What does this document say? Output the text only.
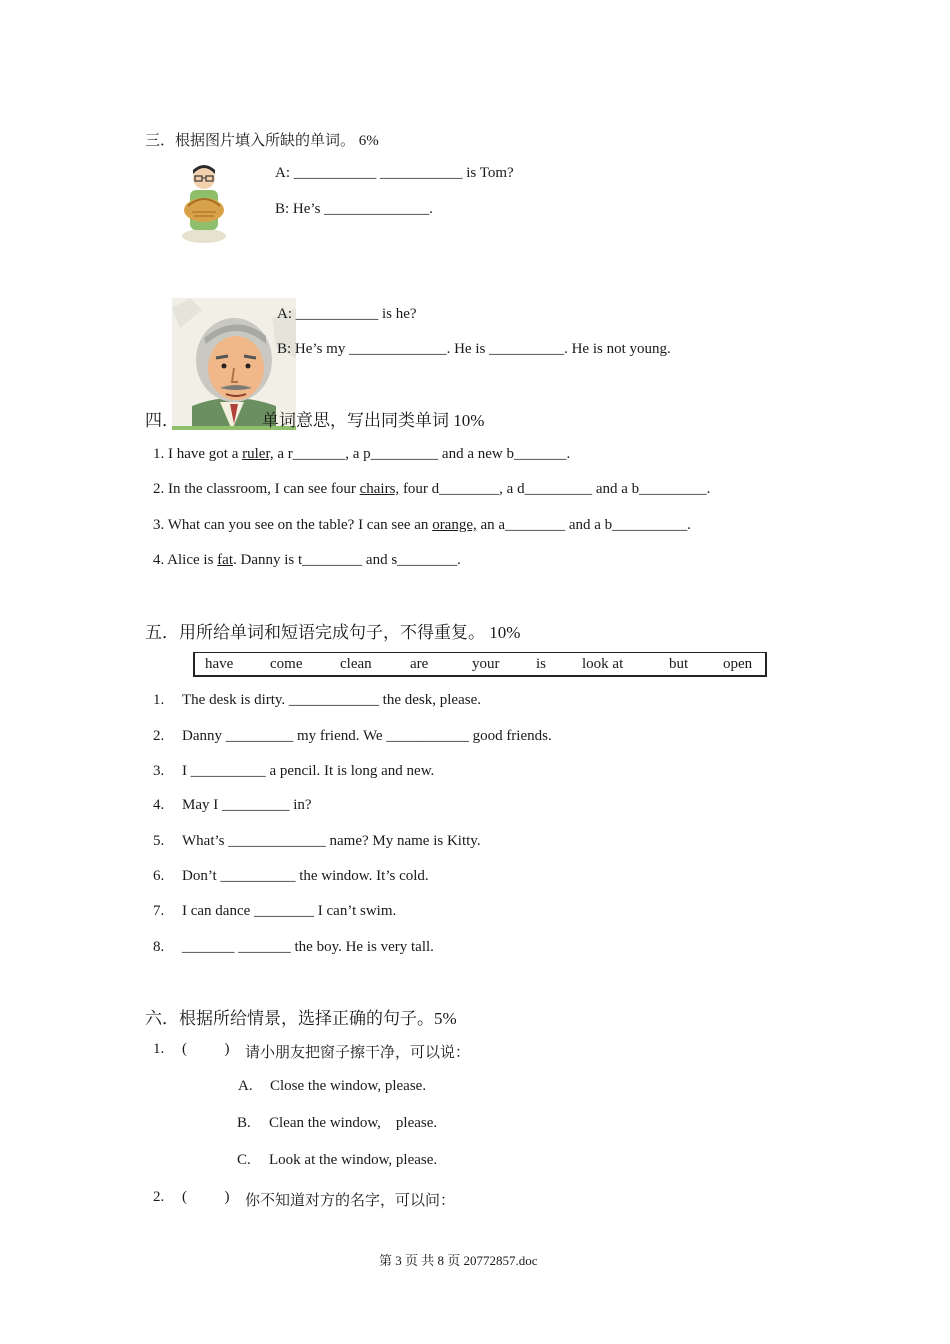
三．根据图片填入所缺的单词。 6%
A: ___________ ___________ is Tom?
B: He’s ______________.
A: ___________ is he?
B: He’s my _____________. He is __________. He is not young.
四．	单词意思，写出同类单词 10%
1. I have got a ruler, a r_______, a p_________ and a new b_______.
2. In the classroom, I can see four chairs, four d________, a d_________ and a b_________.
3. What can you see on the table? I can see an orange, an a________ and a b__________.
4. Alice is fat. Danny is t________ and s________.
五．用所给单词和短语完成句子，不得重复。 10%
have come	clean	are	your is look at	but open
1. The desk is dirty. ____________ the desk, please.
2. Danny _________ my friend. We ___________ good friends.
3. I __________ a pencil. It is long and new.
4. May I _________ in?
5. What’s _____________ name? My name is Kitty.
6. Don’t __________ the window. It’s cold.
7. I can dance ________ I can’t swim.
8. _______ _______ the boy. He is very tall.
六．根据所给情景，选择正确的句子。5%
1. (          ) 请小朋友把窗子擦干净，可以说：
A. Close the window, please.
B. Clean the window,    please.
C. Look at the window, please.
2. (          ) 你不知道对方的名字，可以问：
第 3 页 共 8 页 20772857.doc
